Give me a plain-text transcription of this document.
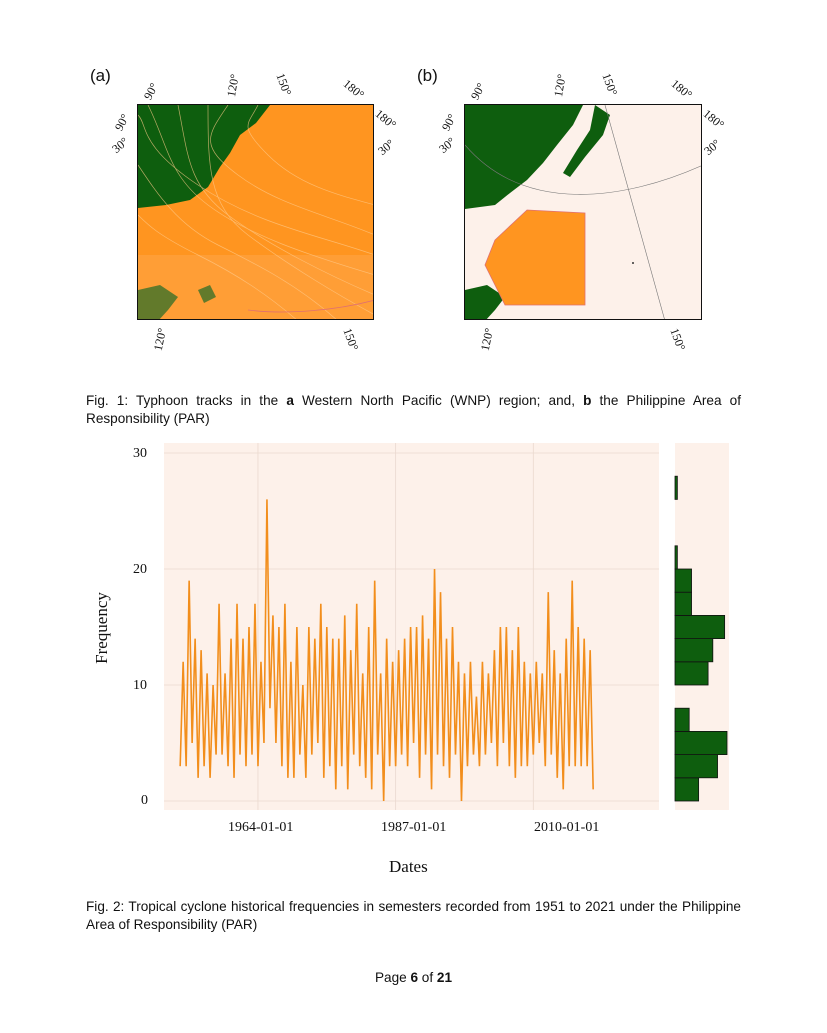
(a)
90°
90°
120°	150°	180°
180°
30°	30°
120°	150°
(b)
90°
90°
120°	150°	180°
180°
30°	30°
120°	150°
Fig. 1: Typhoon tracks in the a Western North Pacific (WNP) region; and, b the Philippine Area of Responsibility (PAR)
30
20
10
0
1964-01-01	1987-01-01	2010-01-01
Frequency
Dates
Fig. 2: Tropical cyclone historical frequencies in semesters recorded from 1951 to 2021 under the Philippine Area of Responsibility (PAR)
Page 6 of 21
